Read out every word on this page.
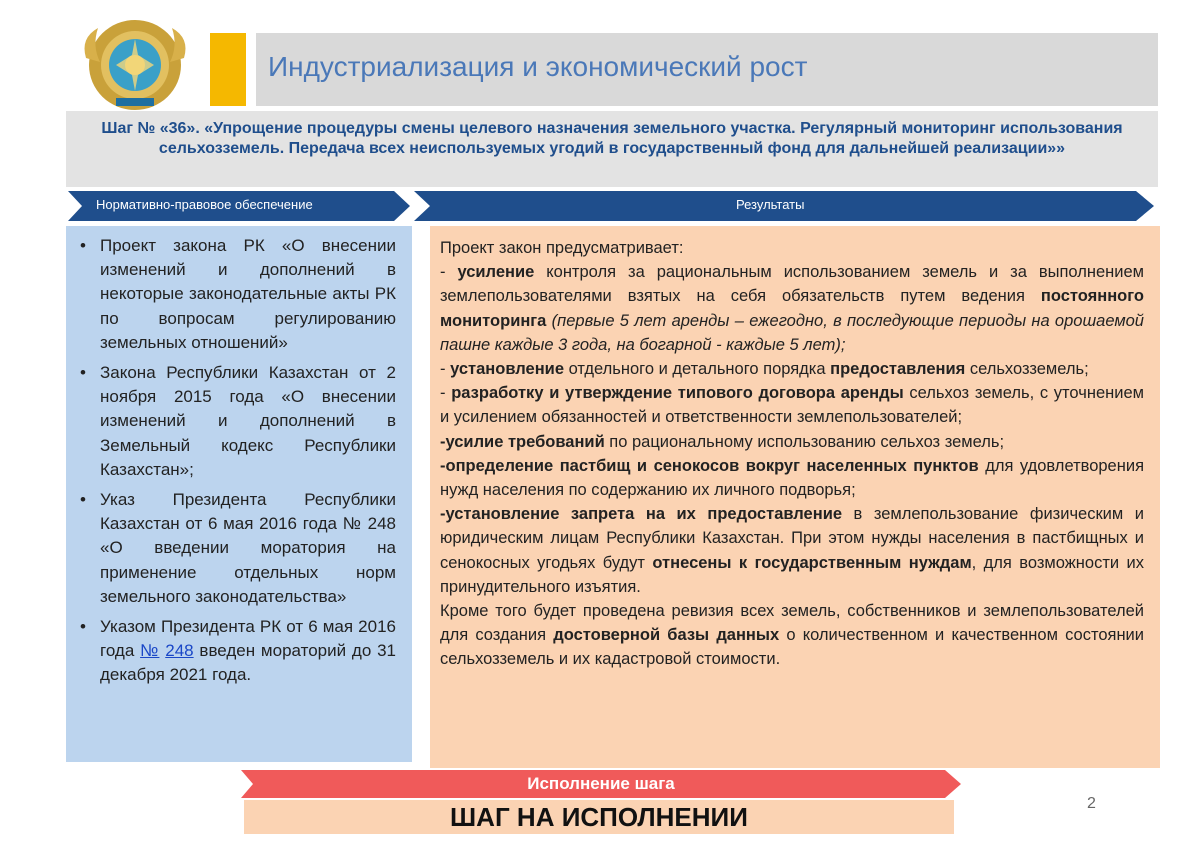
Индустриализация и экономический рост
Шаг № «36». «Упрощение процедуры смены целевого назначения земельного участка. Регулярный мониторинг использования сельхозземель. Передача всех неиспользуемых угодий в государственный фонд для дальнейшей реализации»»
Нормативно-правовое обеспечение	Результаты
• Проект закона РК «О внесении изменений и дополнений в некоторые законодательные акты РК по вопросам регулированию земельных отношений»
• Закона Республики Казахстан от 2 ноября 2015 года «О внесении изменений и дополнений в Земельный кодекс Республики Казахстан»;
• Указ Президента Республики Казахстан от 6 мая 2016 года № 248 «О введении моратория на применение отдельных норм земельного законодательства»
• Указом Президента РК от 6 мая 2016 года № 248 введен мораторий до 31 декабря 2021 года.

Проект закон предусматривает:

- усиление контроля за рациональным использованием земель и за выполнением землепользователями взятых на себя обязательств путем ведения постоянного мониторинга (первые 5 лет аренды – ежегодно, в последующие периоды на орошаемой пашне каждые 3 года, на богарной - каждые 5 лет);

- установление отдельного и детального порядка предоставления сельхозземель;

- разработку и утверждение типового договора аренды сельхоз земель, с уточнением и усилением обязанностей и ответственности землепользователей;

-усилие требований по рациональному использованию сельхоз земель;

-определение пастбищ и сенокосов вокруг населенных пунктов для удовлетворения нужд населения по содержанию их личного подворья;

-установление запрета на их предоставление в землепользование физическим и юридическим лицам Республики Казахстан. При этом нужды населения в пастбищных и сенокосных угодьях будут отнесены к государственным нуждам, для возможности их принудительного изъятия.

Кроме того будет проведена ревизия всех земель, собственников и землепользователей для создания достоверной базы данных о количественном и качественном состоянии сельхозземель и их кадастровой стоимости.

Исполнение шага
ШАГ НА ИСПОЛНЕНИИ	2
